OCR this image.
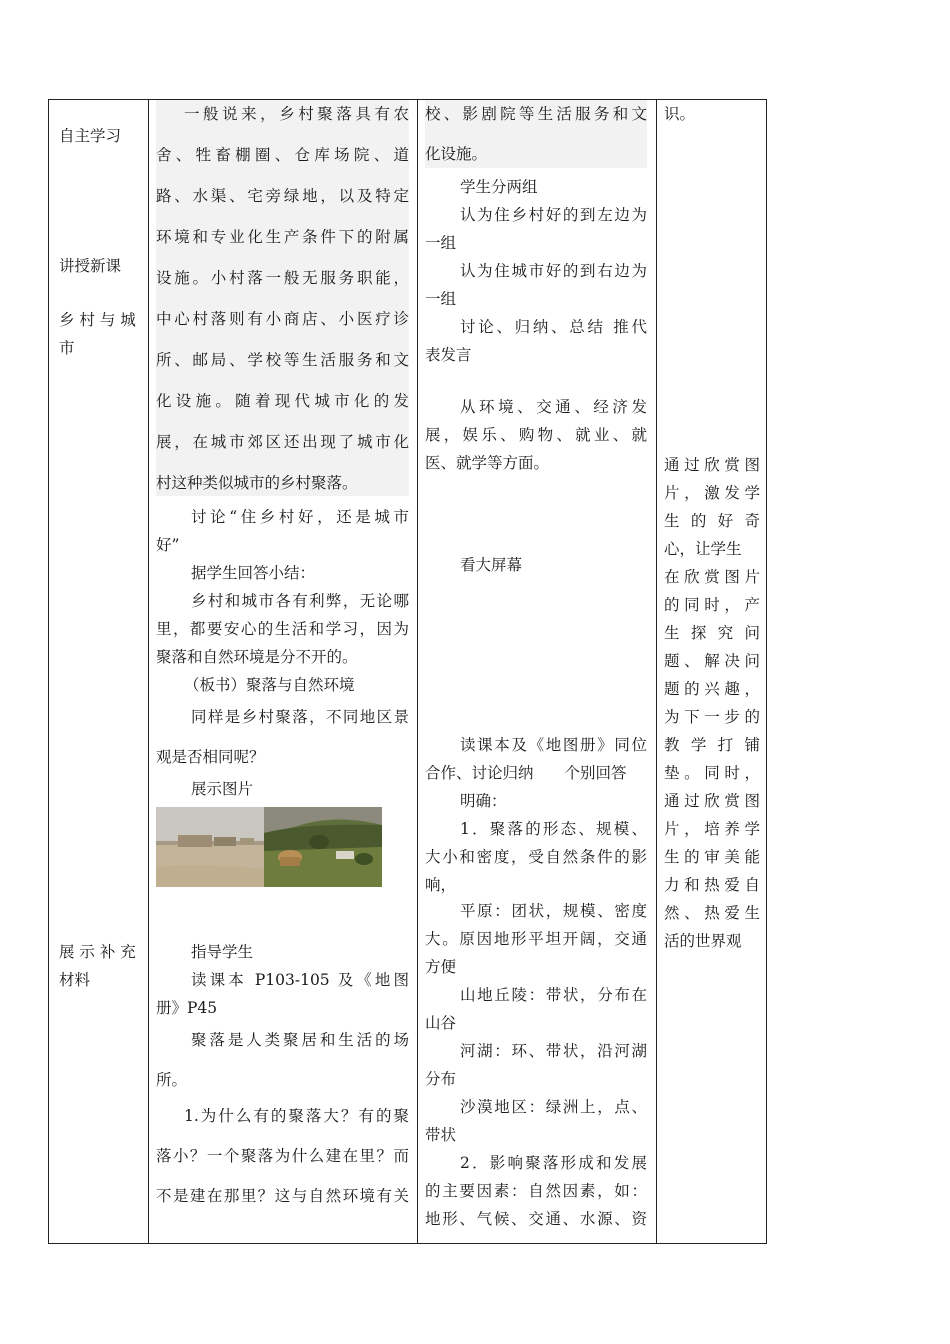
自主学习
讲授新课
乡 村 与 城
市
展 示 补 充
材料
一般说来，乡村聚落具有农
舍、牲畜棚圈、仓库场院、道
路、水渠、宅旁绿地，以及特定
环境和专业化生产条件下的附属
设施。小村落一般无服务职能，
中心村落则有小商店、小医疗诊
所、邮局、学校等生活服务和文
化设施。随着现代城市化的发
展，在城市郊区还出现了城市化
村这种类似城市的乡村聚落。
讨论“住乡村好，还是城市
好”
据学生回答小结：
乡村和城市各有利弊，无论哪
里，都要安心的生活和学习，因为
聚落和自然环境是分不开的。
（板书）聚落与自然环境
同样是乡村聚落，不同地区景
观是否相同呢？
展示图片
指导学生
读课本 P103-105 及《地图
册》P45
聚落是人类聚居和生活的场
所。
1.为什么有的聚落大？有的聚
落小？一个聚落为什么建在里？而
不是建在那里？这与自然环境有关
校、影剧院等生活服务和文
化设施。
学生分两组
认为住乡村好的到左边为
一组
认为住城市好的到右边为
一组
讨论、归纳、总结 推代
表发言
从环境、交通、经济发
展，娱乐、购物、就业、就
医、就学等方面。
看大屏幕
读课本及《地图册》同位
合作、讨论归纳　　个别回答
明确：
1．聚落的形态、规模、
大小和密度，受自然条件的影
响，
平原：团状，规模、密度
大。原因地形平坦开阔，交通
方便
山地丘陵：带状，分布在
山谷
河湖：环、带状，沿河湖
分布
沙漠地区：绿洲上，点、
带状
2．影响聚落形成和发展
的主要因素：自然因素，如：
地形、气候、交通、水源、资
识。
通过欣赏图
片，激发学
生 的 好 奇
心，让学生
在欣赏图片
的同时，产
生 探 究 问
题、解决问
题的兴趣，
为下一步的
教 学 打 铺
垫。同时，
通过欣赏图
片，培养学
生的审美能
力和热爱自
然、热爱生
活的世界观
